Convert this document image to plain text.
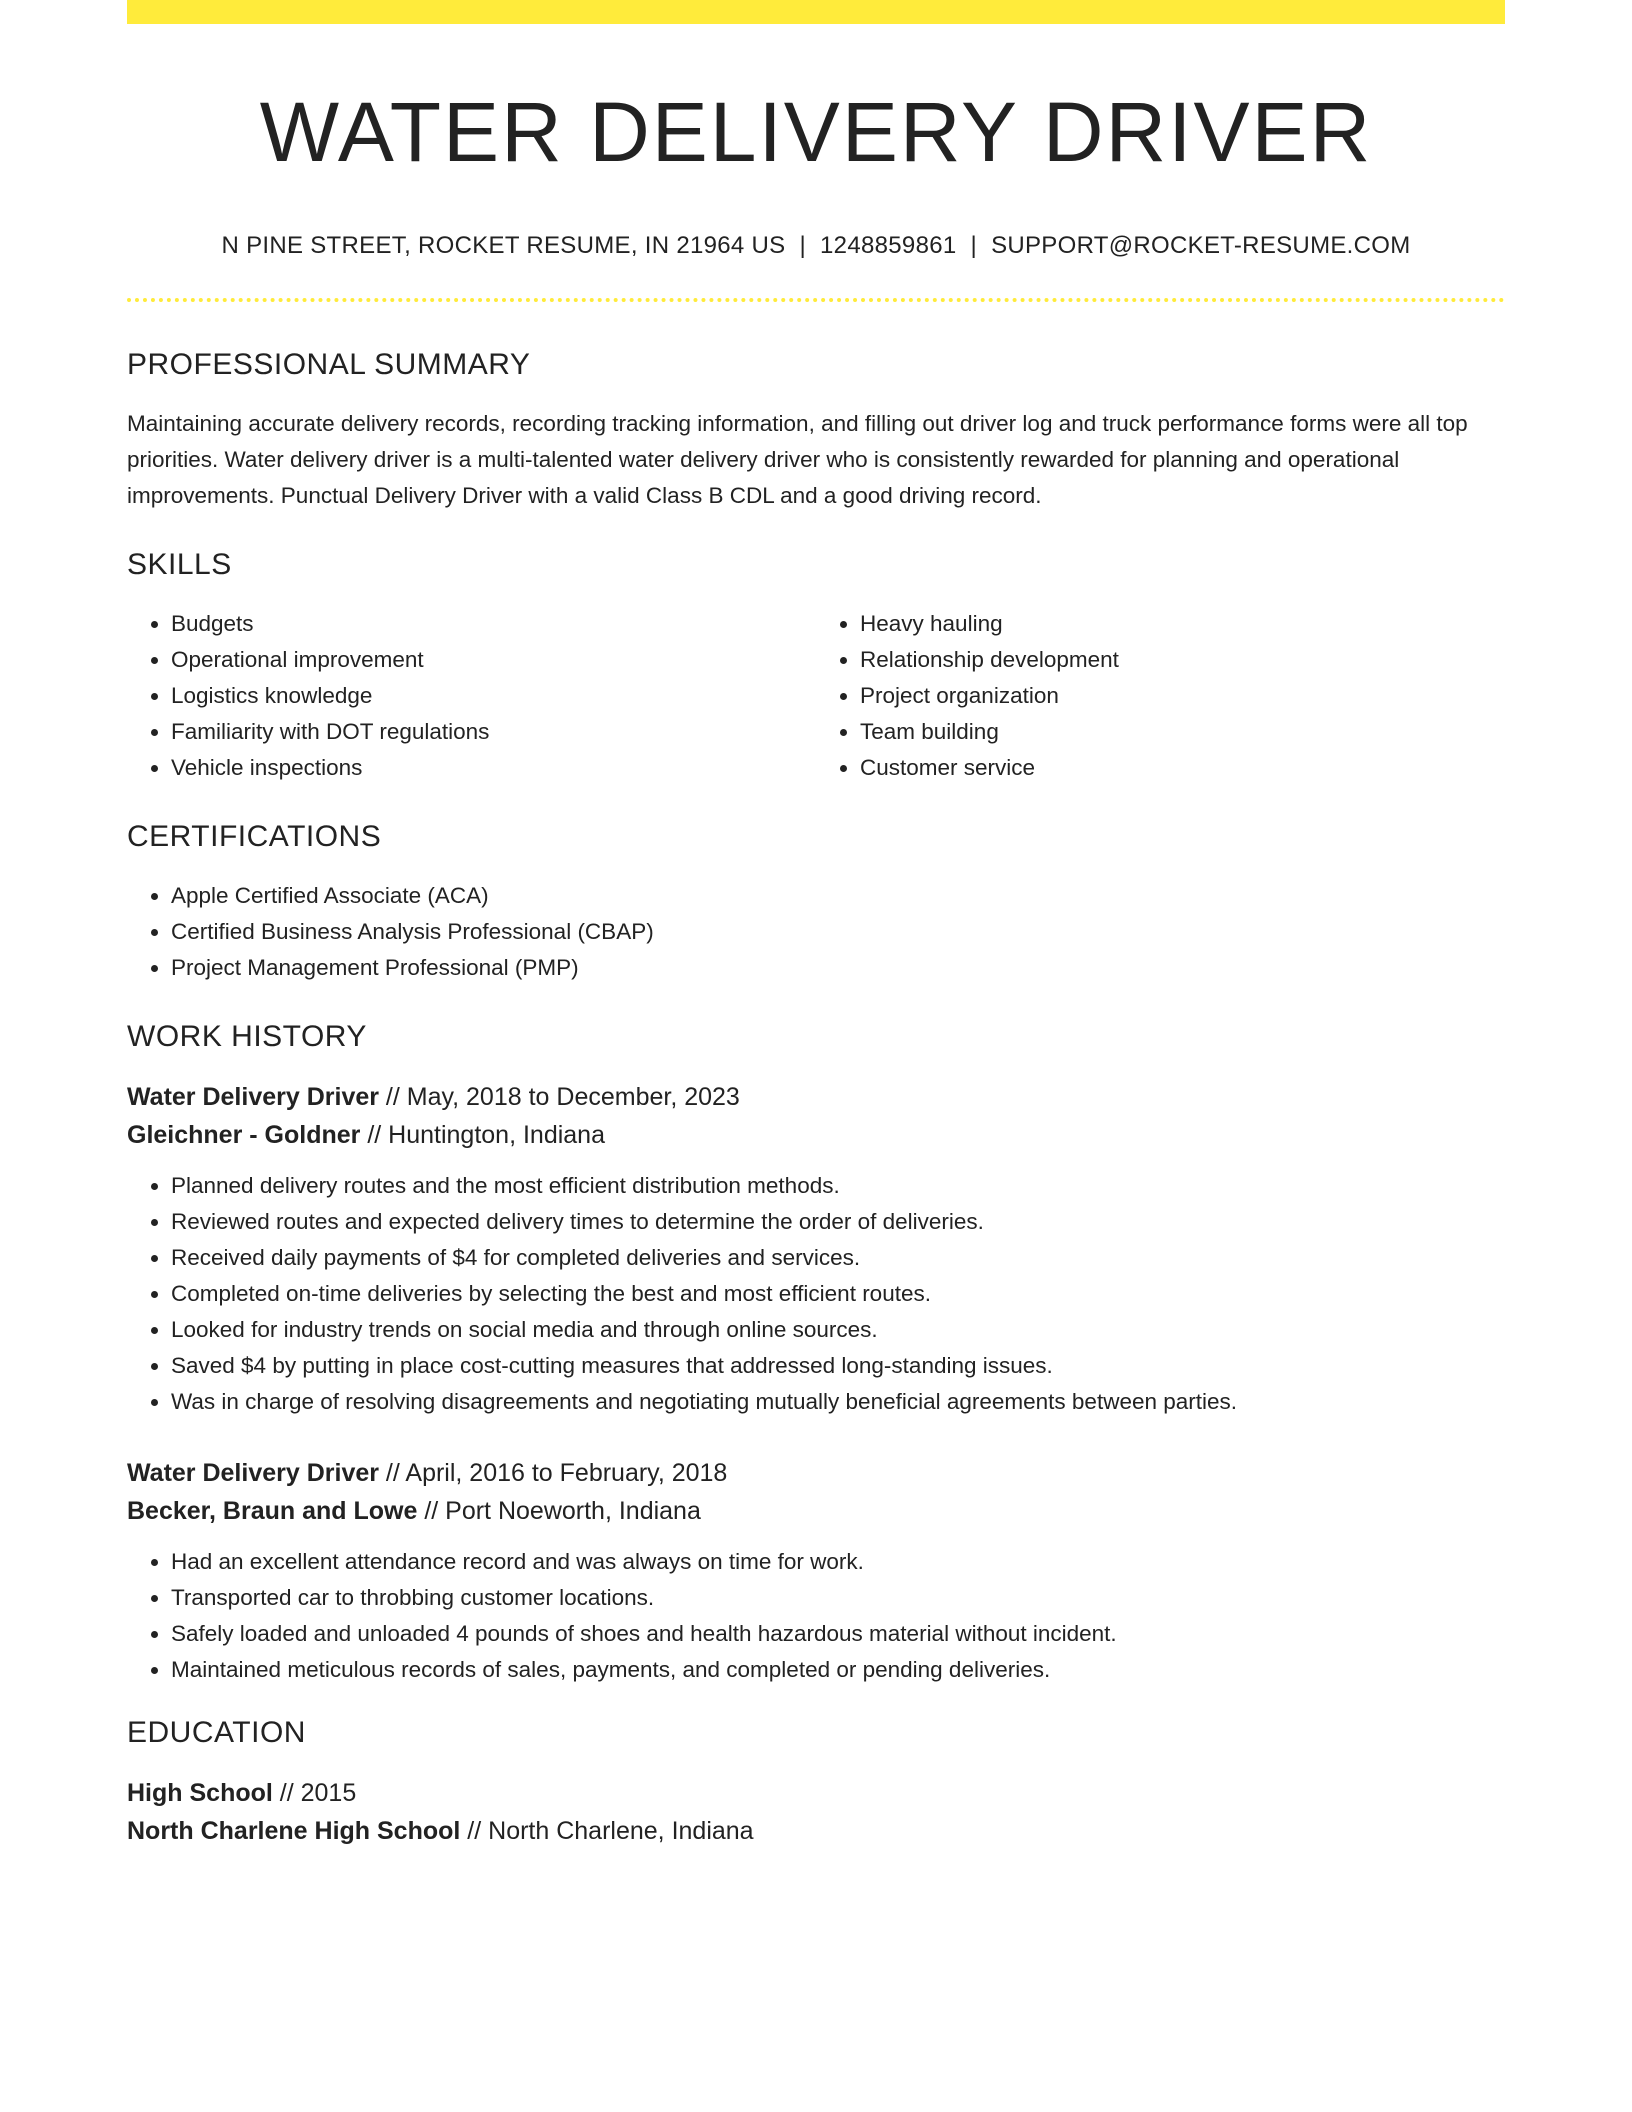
WATER DELIVERY DRIVER
N PINE STREET, ROCKET RESUME, IN 21964 US | 1248859861 | SUPPORT@ROCKET-RESUME.COM
PROFESSIONAL SUMMARY

Maintaining accurate delivery records, recording tracking information, and filling out driver log and truck performance forms were all top priorities. Water delivery driver is a multi-talented water delivery driver who is consistently rewarded for planning and operational improvements. Punctual Delivery Driver with a valid Class B CDL and a good driving record.

SKILLS
• Budgets
• Operational improvement
• Logistics knowledge
• Familiarity with DOT regulations
• Vehicle inspections
• Heavy hauling
• Relationship development
• Project organization
• Team building
• Customer service
CERTIFICATIONS
• Apple Certified Associate (ACA)
• Certified Business Analysis Professional (CBAP)
• Project Management Professional (PMP)
WORK HISTORY
Water Delivery Driver // May, 2018 to December, 2023
Gleichner - Goldner // Huntington, Indiana
• Planned delivery routes and the most efficient distribution methods.
• Reviewed routes and expected delivery times to determine the order of deliveries.
• Received daily payments of $4 for completed deliveries and services.
• Completed on-time deliveries by selecting the best and most efficient routes.
• Looked for industry trends on social media and through online sources.
• Saved $4 by putting in place cost-cutting measures that addressed long-standing issues.
• Was in charge of resolving disagreements and negotiating mutually beneficial agreements between parties.
Water Delivery Driver // April, 2016 to February, 2018
Becker, Braun and Lowe // Port Noeworth, Indiana
• Had an excellent attendance record and was always on time for work.
• Transported car to throbbing customer locations.
• Safely loaded and unloaded 4 pounds of shoes and health hazardous material without incident.
• Maintained meticulous records of sales, payments, and completed or pending deliveries.
EDUCATION
High School // 2015
North Charlene High School // North Charlene, Indiana
